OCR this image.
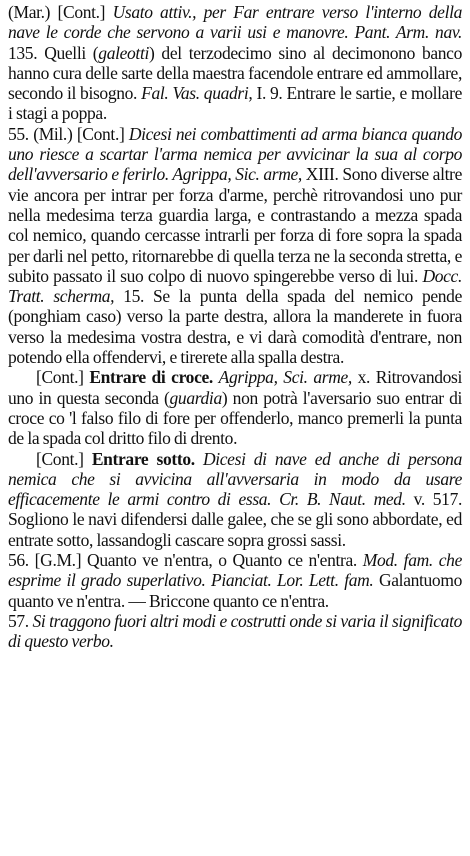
(Mar.) [Cont.] Usato attiv., per Far entrare verso l'interno della nave le corde che servono a varii usi e manovre. Pant. Arm. nav. 135. Quelli (galeotti) del terzodecimo sino al decimonono banco hanno cura delle sarte della maestra facendole entrare ed ammollare, secondo il bisogno. Fal. Vas. quadri, I. 9. Entrare le sartie, e mollare i stagi a poppa.

55. (Mil.) [Cont.] Dicesi nei combattimenti ad arma bianca quando uno riesce a scartar l'arma nemica per avvicinar la sua al corpo dell'avversario e ferirlo. Agrippa, Sic. arme, XIII. Sono diverse altre vie ancora per intrar per forza d'arme, perchè ritrovandosi uno pur nella medesima terza guardia larga, e contrastando a mezza spada col nemico, quando cercasse intrarli per forza di fore sopra la spada per darli nel petto, ritornarebbe di quella terza ne la seconda stretta, e subito passato il suo colpo di nuovo spingerebbe verso di lui. Docc. Tratt. scherma, 15. Se la punta della spada del nemico pende (ponghiam caso) verso la parte destra, allora la manderete in fuora verso la medesima vostra destra, e vi darà comodità d'entrare, non potendo ella offendervi, e tirerete alla spalla destra.

[Cont.] Entrare di croce. Agrippa, Sci. arme, x. Ritrovandosi uno in questa seconda (guardia) non potrà l'aversario suo entrar di croce co 'l falso filo di fore per offenderlo, manco premerli la punta de la spada col dritto filo di drento.

[Cont.] Entrare sotto. Dicesi di nave ed anche di persona nemica che si avvicina all'avversaria in modo da usare efficacemente le armi contro di essa. Cr. B. Naut. med. v. 517. Sogliono le navi difendersi dalle galee, che se gli sono abbordate, ed entrate sotto, lassandogli cascare sopra grossi sassi.

56. [G.M.] Quanto ve n'entra, o Quanto ce n'entra. Mod. fam. che esprime il grado superlativo. Pianciat. Lor. Lett. fam. Galantuomo quanto ve n'entra. — Briccone quanto ce n'entra.

57. Si traggono fuori altri modi e costrutti onde si varia il significato di questo verbo.
